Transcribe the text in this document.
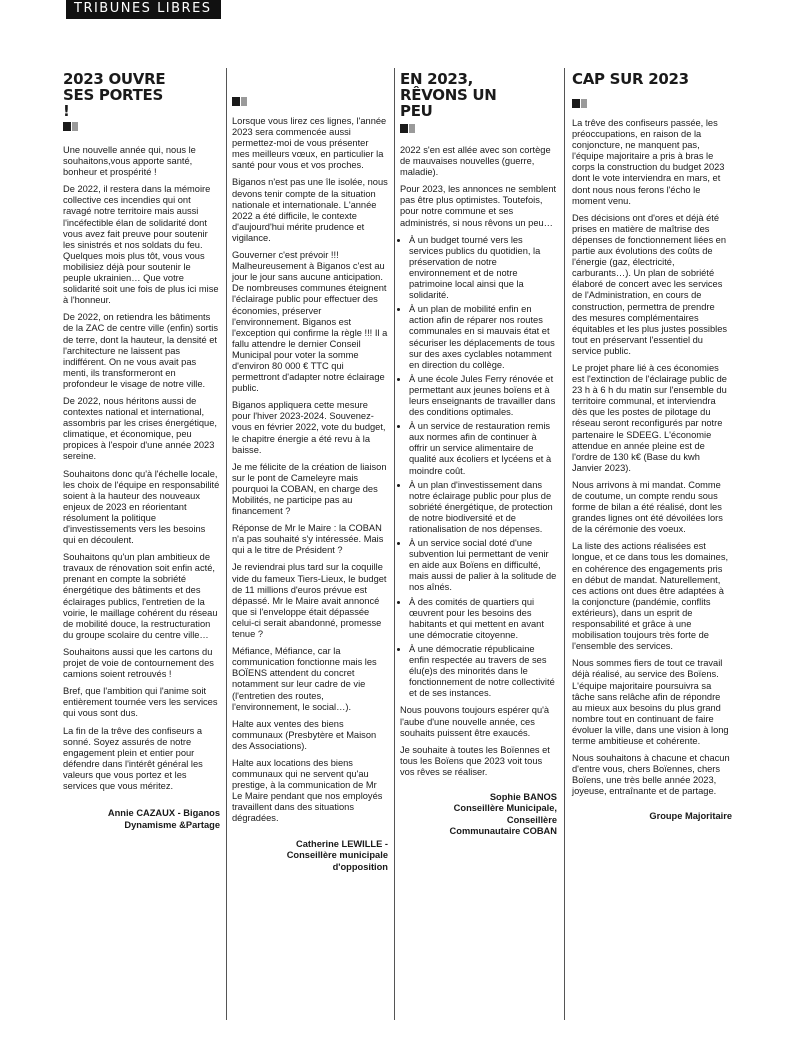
TRIBUNES LIBRES
2023 OUVRE SES PORTES !

Une nouvelle année qui, nous le souhaitons,vous apporte santé, bonheur et prospérité !

De 2022, il restera dans la mémoire collective ces incendies qui ont ravagé notre territoire mais aussi l'incéfectible élan de solidarité dont vous avez fait preuve pour soutenir les sinistrés et nos soldats du feu. Quelques mois plus tôt, vous vous mobilisiez déjà pour soutenir le peuple ukrainien… Que votre solidarité soit une fois de plus ici mise à l'honneur.

De 2022, on retiendra les bâtiments de la ZAC de centre ville (enfin) sortis de terre, dont la hauteur, la densité et l'architecture ne laissent pas indifférent. On ne vous avait pas menti, ils transformeront en profondeur le visage de notre ville.

De 2022, nous héritons aussi de contextes national et international, assombris par les crises énergétique, climatique, et économique, peu propices à l'espoir d'une année 2023 sereine.

Souhaitons donc qu'à l'échelle locale, les choix de l'équipe en responsabilité soient à la hauteur des nouveaux enjeux de 2023 en réorientant résolument la politique d'investissements vers les besoins qui en découlent.

Souhaitons qu'un plan ambitieux de travaux de rénovation soit enfin acté, prenant en compte la sobriété énergétique des bâtiments et des éclairages publics, l'entretien de la voirie, le maillage cohérent du réseau de mobilité douce, la restructuration du groupe scolaire du centre ville…

Souhaitons aussi que les cartons du projet de voie de contournement des camions soient retrouvés !

Bref, que l'ambition qui l'anime soit entièrement tournée vers les services qui vous sont dus.

La fin de la trêve des confiseurs a sonné. Soyez assurés de notre engagement plein et entier pour défendre dans l'intérêt général les valeurs que vous portez et les services que vous méritez.

Annie CAZAUX - Biganos
Dynamisme &Partage

Lorsque vous lirez ces lignes, l'année 2023 sera commencée aussi permettez-moi de vous présenter mes meilleurs vœux, en particulier la santé pour vous et vos proches.

Biganos n'est pas une île isolée, nous devons tenir compte de la situation nationale et internationale. L'année 2022 a été difficile, le contexte d'aujourd'hui mérite prudence et vigilance.

Gouverner c'est prévoir !!! Malheureusement à Biganos c'est au jour le jour sans aucune anticipation. De nombreuses communes éteignent l'éclairage public pour effectuer des économies, préserver l'environnement. Biganos est l'exception qui confirme la règle !!! Il a fallu attendre le dernier Conseil Municipal pour voter la somme d'environ 80 000 € TTC qui permettront d'adapter notre éclairage public.

Biganos appliquera cette mesure pour l'hiver 2023-2024. Souvenez-vous en février 2022, vote du budget, le chapitre énergie a été revu à la baisse.

Je me félicite de la création de liaison sur le pont de Cameleyre mais pourquoi la COBAN, en charge des Mobilités, ne participe pas au financement ?

Réponse de Mr le Maire : la COBAN n'a pas souhaité s'y intéressée. Mais qui a le titre de Président ?

Je reviendrai plus tard sur la coquille vide du fameux Tiers-Lieux, le budget de 11 millions d'euros prévue est dépassé. Mr le Maire avait annoncé que si l'enveloppe était dépassée celui-ci serait abandonné, promesse tenue ?

Méfiance, Méfiance, car la communication fonctionne mais les BOÏENS attendent du concret notamment sur leur cadre de vie (l'entretien des routes, l'environnement, le social…).

Halte aux ventes des biens communaux (Presbytère et Maison des Associations).

Halte aux locations des biens communaux qui ne servent qu'au prestige, à la communication de Mr Le Maire pendant que nos employés travaillent dans des situations dégradées.

Catherine LEWILLE -
Conseillère municipale
d'opposition
EN 2023, RÊVONS UN PEU

2022 s'en est allée avec son cortège de mauvaises nouvelles (guerre, maladie).

Pour 2023, les annonces ne semblent pas être plus optimistes. Toutefois, pour notre commune et ses administrés, si nous rêvons un peu…

• À un budget tourné vers les services publics du quotidien, la préservation de notre environnement et de notre patrimoine local ainsi que la solidarité.
• À un plan de mobilité enfin en action afin de réparer nos routes communales en si mauvais état et sécuriser les déplacements de tous sur des axes cyclables notamment en direction du collège.
• À une école Jules Ferry rénovée et permettant aux jeunes boïens et à leurs enseignants de travailler dans des conditions optimales.
• À un service de restauration remis aux normes afin de continuer à offrir un service alimentaire de qualité aux écoliers et lycéens et à moindre coût.
• À un plan d'investissement dans notre éclairage public pour plus de sobriété énergétique, de protection de notre biodiversité et de rationalisation de nos dépenses.
• À un service social doté d'une subvention lui permettant de venir en aide aux Boïens en difficulté, mais aussi de palier à la solitude de nos aînés.
• À des comités de quartiers qui œuvrent pour les besoins des habitants et qui mettent en avant une démocratie citoyenne.
• À une démocratie républicaine enfin respectée au travers de ses élu(e)s des minorités dans le fonctionnement de notre collectivité et de ses instances.

Nous pouvons toujours espérer qu'à l'aube d'une nouvelle année, ces souhaits puissent être exaucés.

Je souhaite à toutes les Boïennes et tous les Boïens que 2023 voit tous vos rêves se réaliser.

Sophie BANOS
Conseillère Municipale,
Conseillère
Communautaire COBAN
CAP SUR 2023

La trêve des confiseurs passée, les préoccupations, en raison de la conjoncture, ne manquent pas, l'équipe majoritaire a pris à bras le corps la construction du budget 2023 dont le vote interviendra en mars, et dont nous nous ferons l'écho le moment venu.

Des décisions ont d'ores et déjà été prises en matière de maîtrise des dépenses de fonctionnement liées en partie aux évolutions des coûts de l'énergie (gaz, électricité, carburants…). Un plan de sobriété élaboré de concert avec les services de l'Administration, en cours de construction, permettra de prendre des mesures complémentaires équitables et les plus justes possibles tout en préservant l'essentiel du service public.

Le projet phare lié à ces économies est l'extinction de l'éclairage public de 23 h à 6 h du matin sur l'ensemble du territoire communal, et interviendra dès que les postes de pilotage du réseau seront reconfigurés par notre partenaire le SDEEG. L'économie attendue en année pleine est de l'ordre de 130 k€ (Base du kwh Janvier 2023).

Nous arrivons à mi mandat. Comme de coutume, un compte rendu sous forme de bilan a été réalisé, dont les grandes lignes ont été dévoilées lors de la cérémonie des voeux.

La liste des actions réalisées est longue, et ce dans tous les domaines, en cohérence des engagements pris en début de mandat. Naturellement, ces actions ont dues être adaptées à la conjoncture (pandémie, conflits extérieurs), dans un esprit de responsabilité et grâce à une mobilisation toujours très forte de l'ensemble des services.

Nous sommes fiers de tout ce travail déjà réalisé, au service des Boïens. L'équipe majoritaire poursuivra sa tâche sans relâche afin de répondre au mieux aux besoins du plus grand nombre tout en continuant de faire évoluer la ville, dans une vision à long terme ambitieuse et cohérente.

Nous souhaitons à chacune et chacun d'entre vous, chers Boïennes, chers Boïens, une très belle année 2023, joyeuse, entraînante et de partage.

Groupe Majoritaire
